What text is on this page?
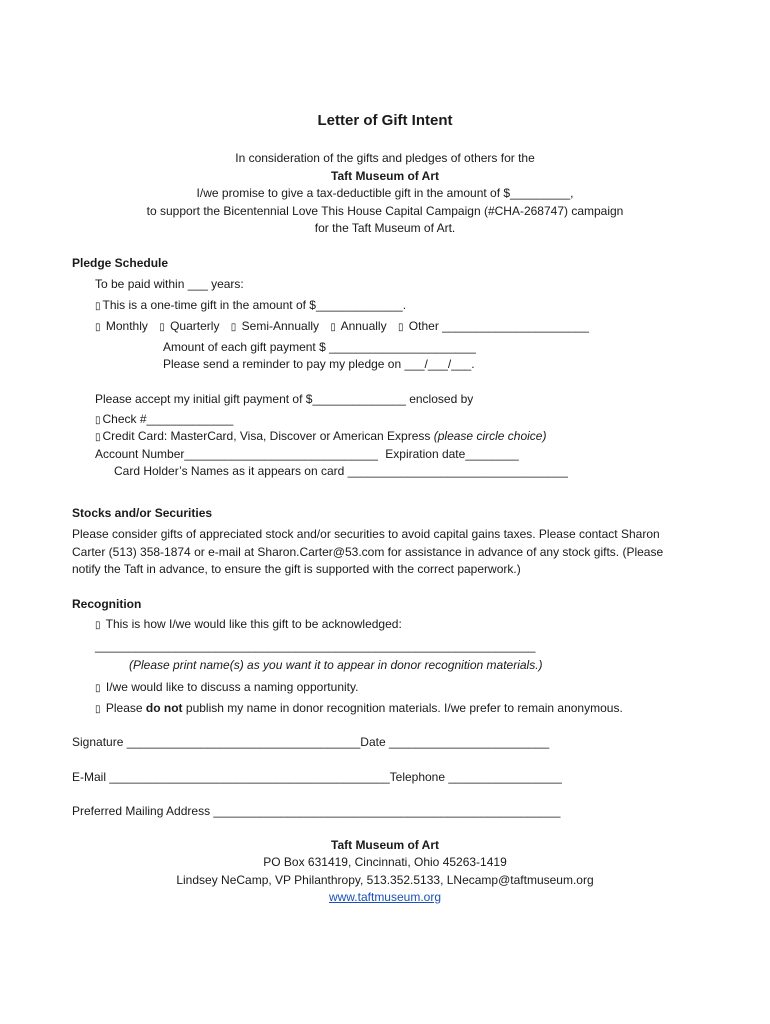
Letter of Gift Intent
In consideration of the gifts and pledges of others for the
Taft Museum of Art
I/we promise to give a tax-deductible gift in the amount of $_________,
to support the Bicentennial Love This House Capital Campaign (#CHA-268747) campaign
for the Taft Museum of Art.
Pledge Schedule
To be paid within ___ years:
▯ This is a one-time gift in the amount of $_____________.
▯ Monthly ▯ Quarterly ▯ Semi-Annually ▯ Annually ▯ Other ______________________
Amount of each gift payment $ ______________________
Please send a reminder to pay my pledge on ___/___/___.
Please accept my initial gift payment of $______________ enclosed by
▯ Check #_____________
▯ Credit Card: MasterCard, Visa, Discover or American Express (please circle choice)
Account Number_____________________________ Expiration date________
Card Holder’s Names as it appears on card _________________________________
Stocks and/or Securities
Please consider gifts of appreciated stock and/or securities to avoid capital gains taxes. Please contact Sharon
Carter (513) 358-1874 or e-mail at Sharon.Carter@53.com for assistance in advance of any stock gifts. (Please
notify the Taft in advance, to ensure the gift is supported with the correct paperwork.)
Recognition
▯ This is how I/we would like this gift to be acknowledged:
__________________________________________________________________
(Please print name(s) as you want it to appear in donor recognition materials.)
▯ I/we would like to discuss a naming opportunity.
▯ Please do not publish my name in donor recognition materials. I/we prefer to remain anonymous.
Signature ___________________________________Date ________________________
E-Mail __________________________________________Telephone _________________
Preferred Mailing Address ____________________________________________________
Taft Museum of Art
PO Box 631419, Cincinnati, Ohio 45263-1419
Lindsey NeCamp, VP Philanthropy, 513.352.5133, LNecamp@taftmuseum.org
www.taftmuseum.org
